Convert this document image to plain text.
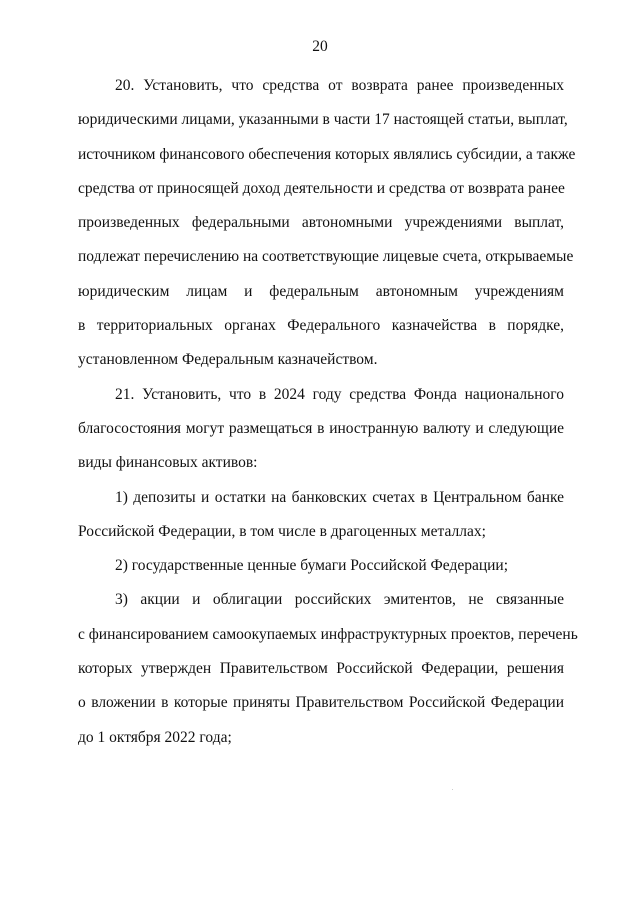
20
20. Установить, что средства от возврата ранее произведенных
юридическими лицами, указанными в части 17 настоящей статьи, выплат,
источником финансового обеспечения которых являлись субсидии, а также
средства от приносящей доход деятельности и средства от возврата ранее
произведенных федеральными автономными учреждениями выплат,
подлежат перечислению на соответствующие лицевые счета, открываемые
юридическим лицам и федеральным автономным учреждениям
в территориальных органах Федерального казначейства в порядке,
установленном Федеральным казначейством.
21. Установить, что в 2024 году средства Фонда национального
благосостояния могут размещаться в иностранную валюту и следующие
виды финансовых активов:
1) депозиты и остатки на банковских счетах в Центральном банке
Российской Федерации, в том числе в драгоценных металлах;
2) государственные ценные бумаги Российской Федерации;
3) акции и облигации российских эмитентов, не связанные
с финансированием самоокупаемых инфраструктурных проектов, перечень
которых утвержден Правительством Российской Федерации, решения
о вложении в которые приняты Правительством Российской Федерации
до 1 октября 2022 года;
